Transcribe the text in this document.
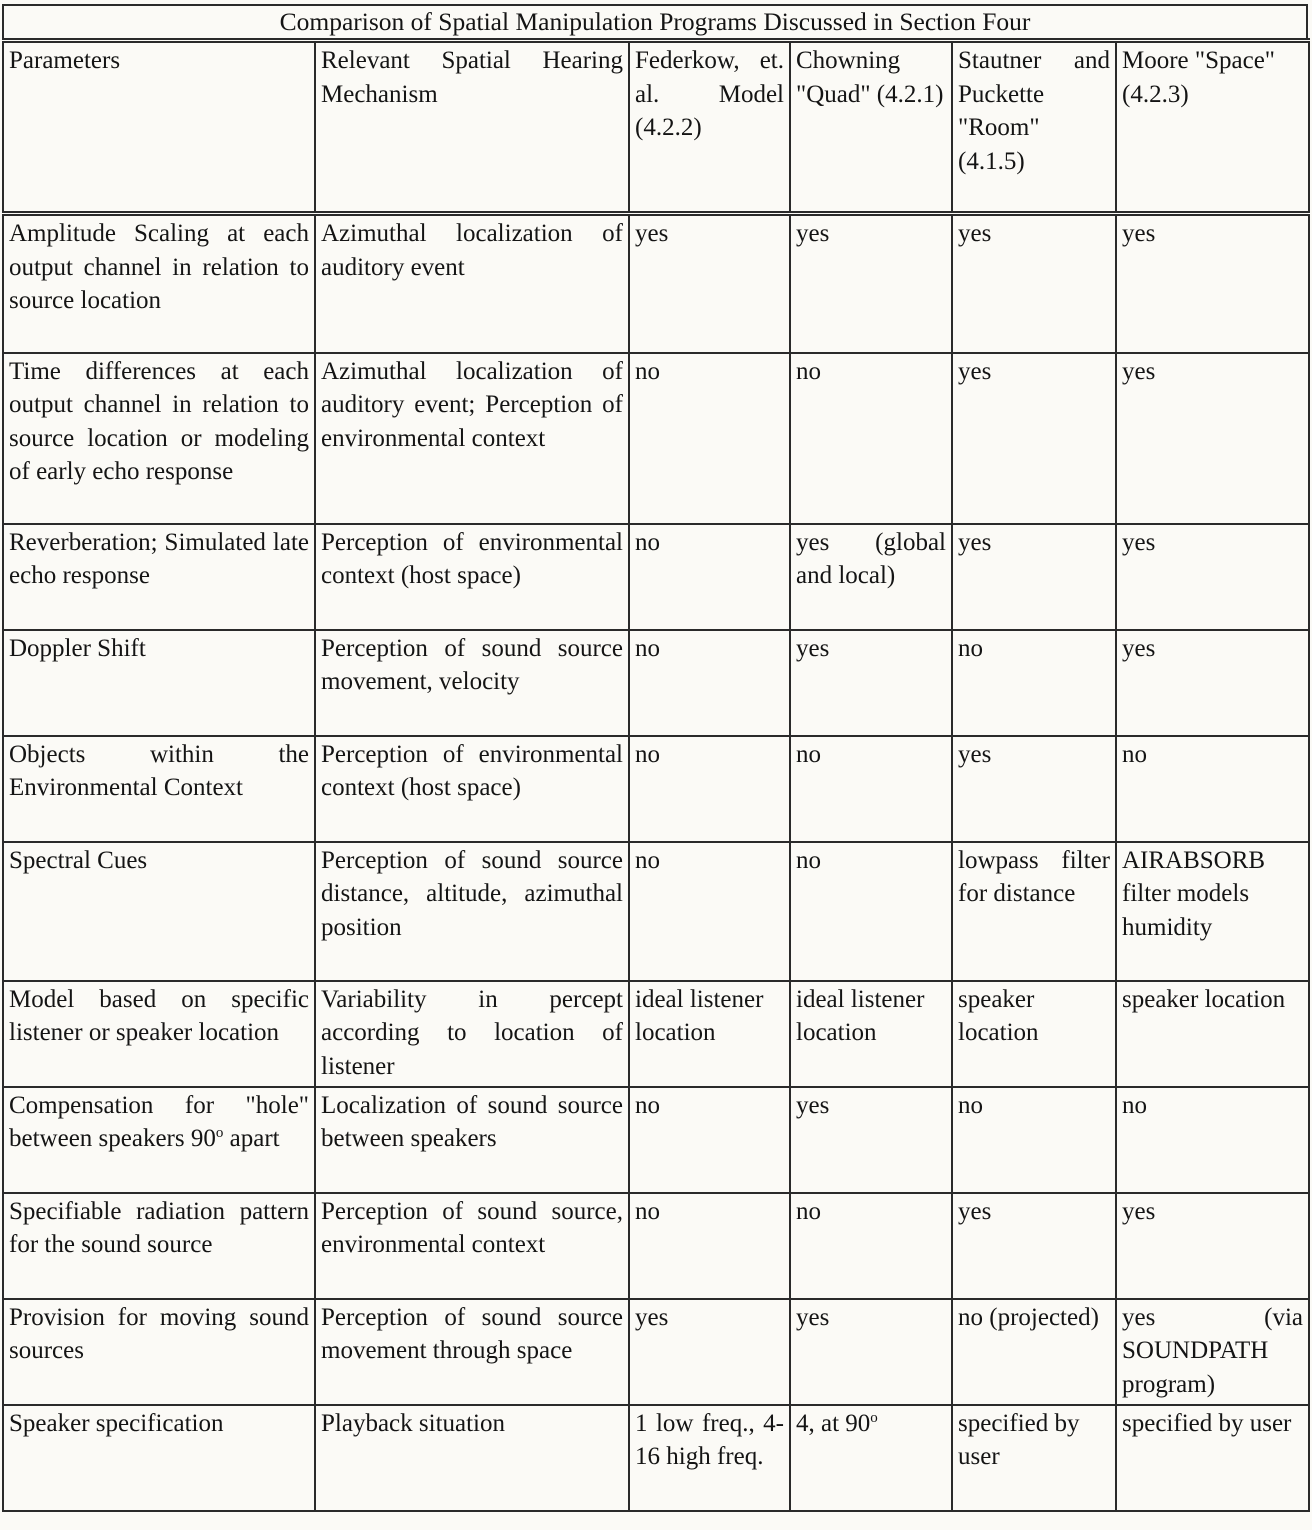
Comparison of Spatial Manipulation Programs Discussed in Section Four
Parameters	Relevant Spatial Hearing Mechanism	Federkow, et. al. Model (4.2.2)	Chowning "Quad" (4.2.1)	Stautner and Puckette "Room" (4.1.5)	Moore "Space" (4.2.3)
Amplitude Scaling at each output channel in relation to source location	Azimuthal localization of auditory event	yes	yes	yes	yes
Time differences at each output channel in relation to source location or modeling of early echo response	Azimuthal localization of auditory event; Perception of environmental context	no	no	yes	yes
Reverberation; Simulated late echo response	Perception of environmental context (host space)	no	yes (global and local)	yes	yes
Doppler Shift	Perception of sound source movement, velocity	no	yes	no	yes
Objects within the Environmental Context	Perception of environmental context (host space)	no	no	yes	no
Spectral Cues	Perception of sound source distance, altitude, azimuthal position	no	no	lowpass filter for distance	AIRABSORB filter models humidity
Model based on specific listener or speaker location	Variability in percept according to location of listener	ideal listener location	ideal listener location	speaker location	speaker location
Compensation for "hole" between speakers 90$^o$ apart	Localization of sound source between speakers	no	yes	no	no
Specifiable radiation pattern for the sound source	Perception of sound source, environmental context	no	no	yes	yes
Provision for moving sound sources	Perception of sound source movement through space	yes	yes	no (projected)	yes (via SOUNDPATH program)
Speaker specification	Playback situation	1 low freq., 4-16 high freq.	4, at 90$^o$	specified by user	specified by user
